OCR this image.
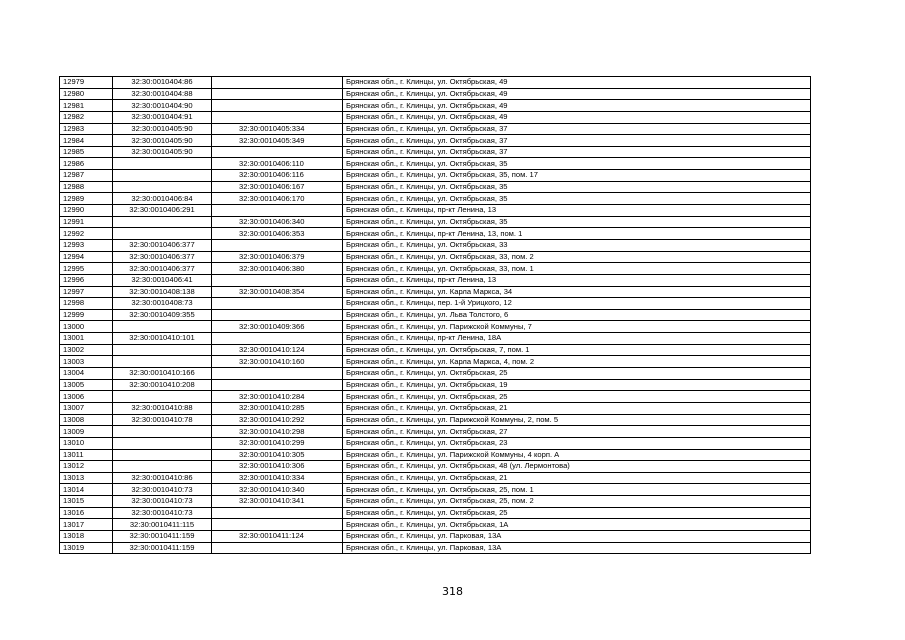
12979	32:30:0010404:86		Брянская обл., г. Клинцы, ул. Октябрьская, 49
12980	32:30:0010404:88		Брянская обл., г. Клинцы, ул. Октябрьская, 49
12981	32:30:0010404:90		Брянская обл., г. Клинцы, ул. Октябрьская, 49
12982	32:30:0010404:91		Брянская обл., г. Клинцы, ул. Октябрьская, 49
12983	32:30:0010405:90	32:30:0010405:334	Брянская обл., г. Клинцы, ул. Октябрьская, 37
12984	32:30:0010405:90	32:30:0010405:349	Брянская обл., г. Клинцы, ул. Октябрьская, 37
12985	32:30:0010405:90		Брянская обл., г. Клинцы, ул. Октябрьская, 37
12986		32:30:0010406:110	Брянская обл., г. Клинцы, ул. Октябрьская, 35
12987		32:30:0010406:116	Брянская обл., г. Клинцы, ул. Октябрьская, 35, пом. 17
12988		32:30:0010406:167	Брянская обл., г. Клинцы, ул. Октябрьская, 35
12989	32:30:0010406:84	32:30:0010406:170	Брянская обл., г. Клинцы, ул. Октябрьская, 35
12990	32:30:0010406:291		Брянская обл., г. Клинцы, пр-кт Ленина, 13
12991		32:30:0010406:340	Брянская обл., г. Клинцы, ул. Октябрьская, 35
12992		32:30:0010406:353	Брянская обл., г. Клинцы, пр-кт Ленина, 13, пом. 1
12993	32:30:0010406:377		Брянская обл., г. Клинцы, ул. Октябрьская, 33
12994	32:30:0010406:377	32:30:0010406:379	Брянская обл., г. Клинцы, ул. Октябрьская, 33, пом. 2
12995	32:30:0010406:377	32:30:0010406:380	Брянская обл., г. Клинцы, ул. Октябрьская, 33, пом. 1
12996	32:30:0010406:41		Брянская обл., г. Клинцы, пр-кт Ленина, 13
12997	32:30:0010408:138	32:30:0010408:354	Брянская обл., г. Клинцы, ул. Карла Маркса, 34
12998	32:30:0010408:73		Брянская обл., г. Клинцы, пер. 1-й Урицкого, 12
12999	32:30:0010409:355		Брянская обл., г. Клинцы, ул. Льва Толстого, 6
13000		32:30:0010409:366	Брянская обл., г. Клинцы, ул. Парижской Коммуны, 7
13001	32:30:0010410:101		Брянская обл., г. Клинцы, пр-кт Ленина, 18А
13002		32:30:0010410:124	Брянская обл., г. Клинцы, ул. Октябрьская, 7, пом. 1
13003		32:30:0010410:160	Брянская обл., г. Клинцы, ул. Карла Маркса, 4, пом. 2
13004	32:30:0010410:166		Брянская обл., г. Клинцы, ул. Октябрьская, 25
13005	32:30:0010410:208		Брянская обл., г. Клинцы, ул. Октябрьская, 19
13006		32:30:0010410:284	Брянская обл., г. Клинцы, ул. Октябрьская, 25
13007	32:30:0010410:88	32:30:0010410:285	Брянская обл., г. Клинцы, ул. Октябрьская, 21
13008	32:30:0010410:78	32:30:0010410:292	Брянская обл., г. Клинцы, ул. Парижской Коммуны, 2, пом. 5
13009		32:30:0010410:298	Брянская обл., г. Клинцы, ул. Октябрьская, 27
13010		32:30:0010410:299	Брянская обл., г. Клинцы, ул. Октябрьская, 23
13011		32:30:0010410:305	Брянская обл., г. Клинцы, ул. Парижской Коммуны, 4 корп. А
13012		32:30:0010410:306	Брянская обл., г. Клинцы, ул. Октябрьская, 48 (ул. Лермонтова)
13013	32:30:0010410:86	32:30:0010410:334	Брянская обл., г. Клинцы, ул. Октябрьская, 21
13014	32:30:0010410:73	32:30:0010410:340	Брянская обл., г. Клинцы, ул. Октябрьская, 25, пом. 1
13015	32:30:0010410:73	32:30:0010410:341	Брянская обл., г. Клинцы, ул. Октябрьская, 25, пом. 2
13016	32:30:0010410:73		Брянская обл., г. Клинцы, ул. Октябрьская, 25
13017	32:30:0010411:115		Брянская обл., г. Клинцы, ул. Октябрьская, 1А
13018	32:30:0010411:159	32:30:0010411:124	Брянская обл., г. Клинцы, ул. Парковая, 13А
13019	32:30:0010411:159		Брянская обл., г. Клинцы, ул. Парковая, 13А
318
